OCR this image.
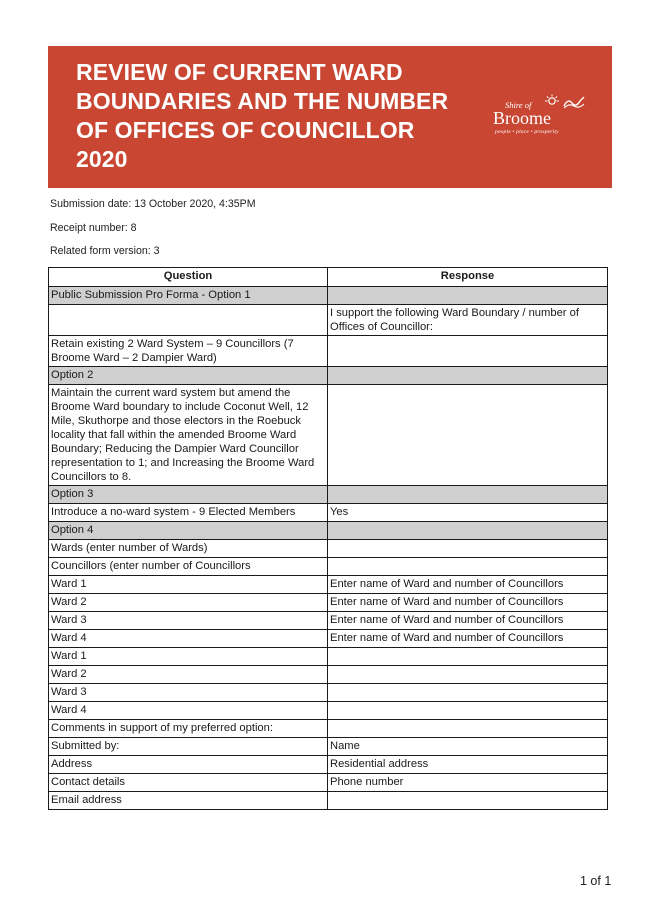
REVIEW OF CURRENT WARD
BOUNDARIES AND THE NUMBER
OF OFFICES OF COUNCILLOR
2020
Shire of
Broome
people • place • prosperity
Submission date: 13 October 2020, 4:35PM
Receipt number: 8
Related form version: 3
Question	Response
Public Submission Pro Forma - Option 1	
	I support the following Ward Boundary / number of Offices of Councillor:
Retain existing 2 Ward System – 9 Councillors (7 Broome Ward – 2 Dampier Ward)	
Option 2	
Maintain the current ward system but amend the Broome Ward boundary to include Coconut Well, 12 Mile, Skuthorpe and those electors in the Roebuck locality that fall within the amended Broome Ward Boundary; Reducing the Dampier Ward Councillor representation to 1; and Increasing the Broome Ward Councillors to 8.	
Option 3	
Introduce a no-ward system - 9 Elected Members	Yes
Option 4	
Wards (enter number of Wards)	
Councillors (enter number of Councillors	
Ward 1	Enter name of Ward and number of Councillors
Ward 2	Enter name of Ward and number of Councillors
Ward 3	Enter name of Ward and number of Councillors
Ward 4	Enter name of Ward and number of Councillors
Ward 1	
Ward 2	
Ward 3	
Ward 4	
Comments in support of my preferred option:	
Submitted by:	Name
Address	Residential address
Contact details	Phone number
Email address	
1 of 1
